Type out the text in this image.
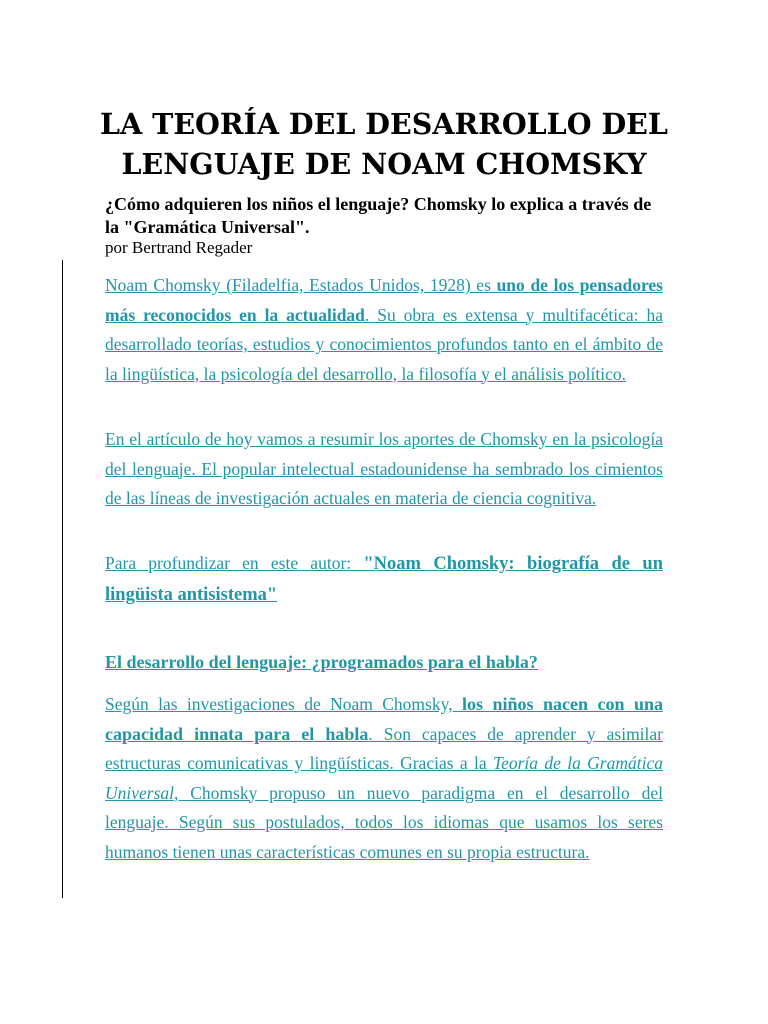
LA TEORÍA DEL DESARROLLO DEL LENGUAJE DE NOAM CHOMSKY

¿Cómo adquieren los niños el lenguaje? Chomsky lo explica a través de la "Gramática Universal".

por Bertrand Regader

Noam Chomsky (Filadelfia, Estados Unidos, 1928) es uno de los pensadores más reconocidos en la actualidad. Su obra es extensa y multifacética: ha desarrollado teorías, estudios y conocimientos profundos tanto en el ámbito de la lingüística, la psicología del desarrollo, la filosofía y el análisis político.

En el artículo de hoy vamos a resumir los aportes de Chomsky en la psicología del lenguaje. El popular intelectual estadounidense ha sembrado los cimientos de las líneas de investigación actuales en materia de ciencia cognitiva.

Para profundizar en este autor: "Noam Chomsky: biografía de un lingüista antisistema"

El desarrollo del lenguaje: ¿programados para el habla?

Según las investigaciones de Noam Chomsky, los niños nacen con una capacidad innata para el habla. Son capaces de aprender y asimilar estructuras comunicativas y lingüísticas. Gracias a la Teoría de la Gramática Universal, Chomsky propuso un nuevo paradigma en el desarrollo del lenguaje. Según sus postulados, todos los idiomas que usamos los seres humanos tienen unas características comunes en su propia estructura.
